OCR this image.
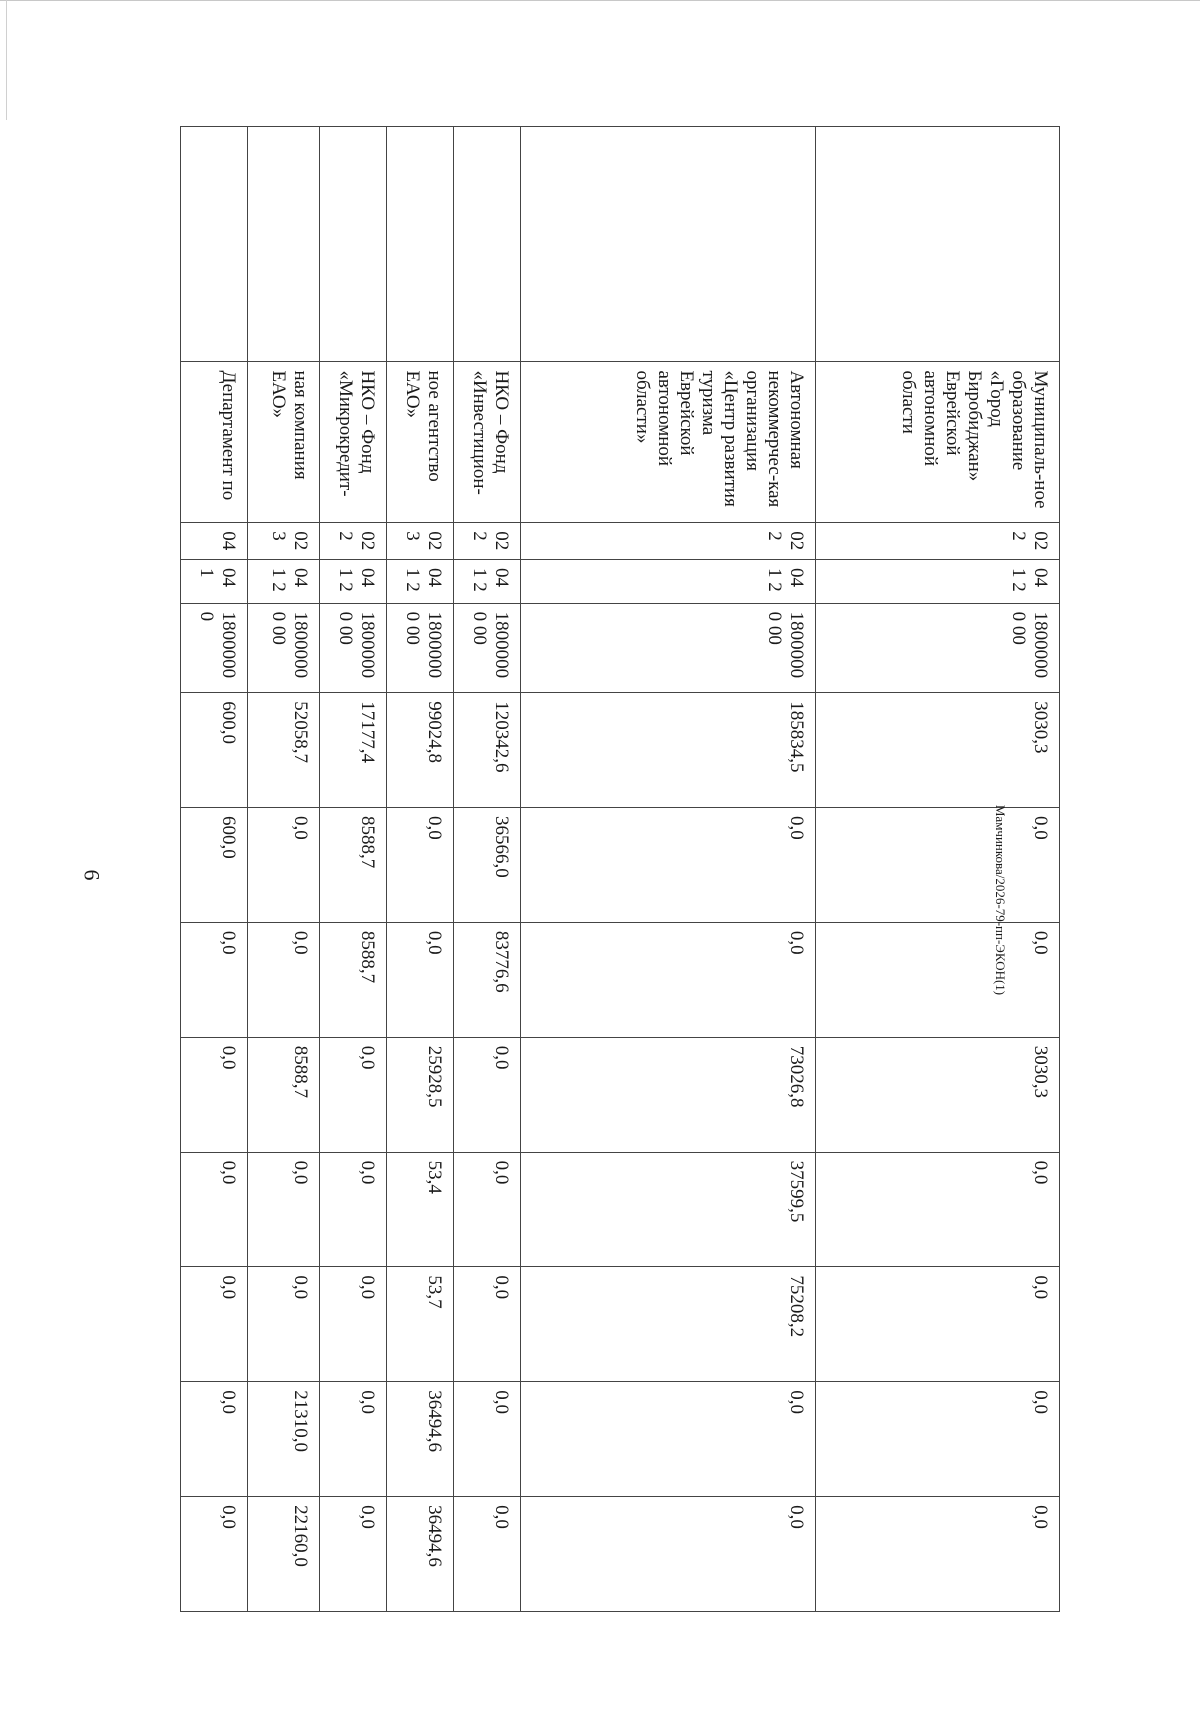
6
	Муниципаль-ное образование «Город Биробиджан» Еврейской автономной области	02 2	041 2	18000000 00	3030,3	0,0	0,0	3030,3	0,0	0,0	0,0	0,0
	Автономная некоммерчес-кая организация «Центр развития туризма Еврейской автономной области»	02 2	041 2	18000000 00	185834,5	0,0	0,0	73026,8	37599,5	75208,2	0,0	0,0
	НКО – Фонд «Инвестицион-	02 2	041 2	18000000 00	120342,6	36566,0	83776,6	0,0	0,0	0,0	0,0	0,0
	ное агентство ЕАО»	02 3	041 2	18000000 00	99024,8	0,0	0,0	25928,5	53,4	53,7	36494,6	36494,6
	НКО – Фонд «Микрокредит-	02 2	041 2	18000000 00	17177,4	8588,7	8588,7	0,0	0,0	0,0	0,0	0,0
	ная компания ЕАО»	02 3	041 2	18000000 00	52058,7	0,0	0,0	8588,7	0,0	0,0	21310,0	22160,0
	Департамент по	04	041	18000000	600,0	600,0	0,0	0,0	0,0	0,0	0,0	0,0
Мамчинкова/2026-79-пп-ЭКОН(1)
